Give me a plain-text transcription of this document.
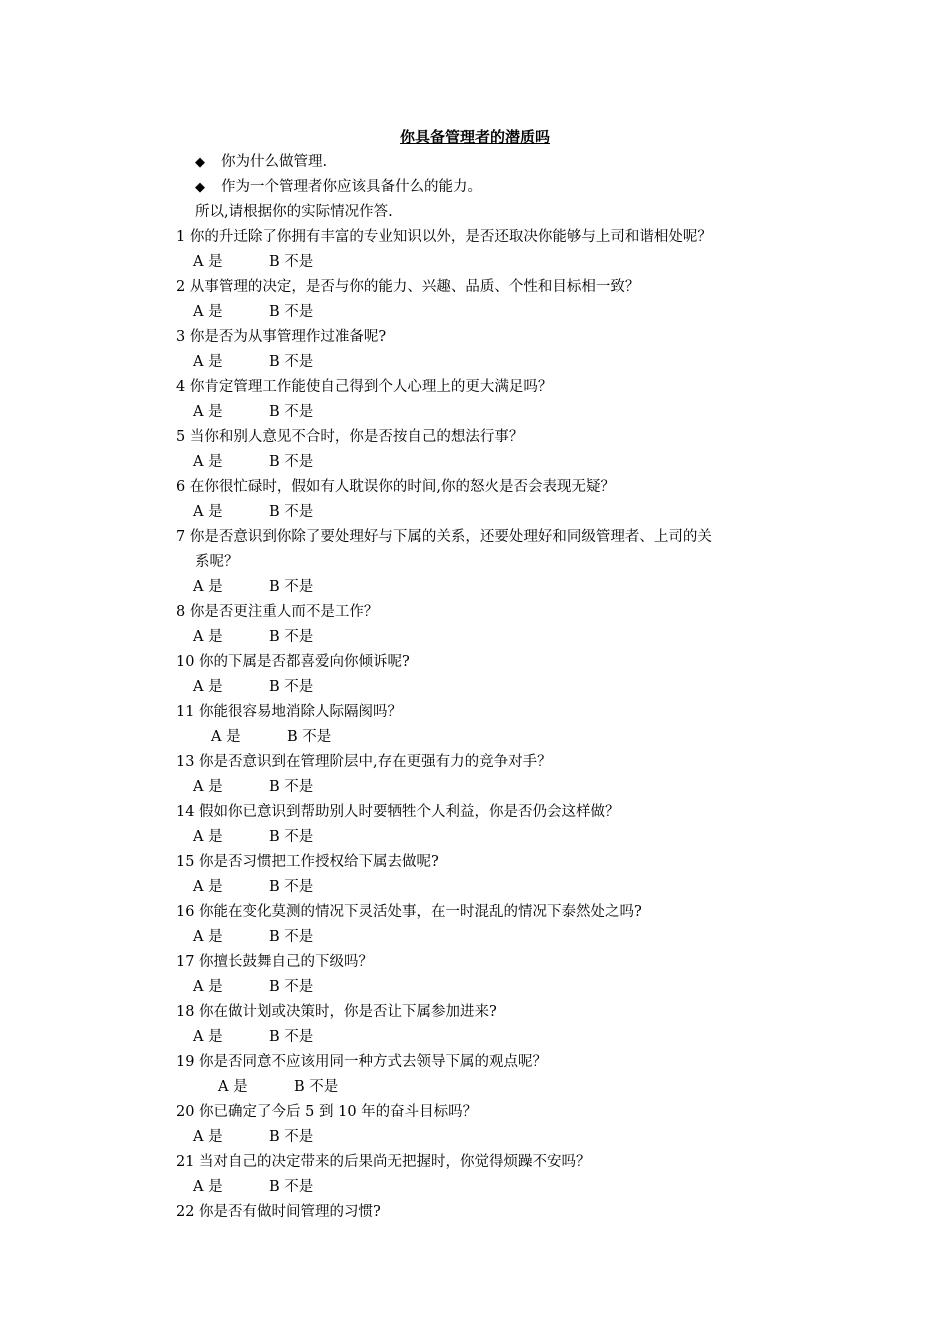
你具备管理者的潜质吗
◆ 你为什么做管理.
◆ 作为一个管理者你应该具备什么的能力。
所以,请根据你的实际情况作答.
1 你的升迁除了你拥有丰富的专业知识以外，是否还取决你能够与上司和谐相处呢？
A 是	B 不是
2 从事管理的决定，是否与你的能力、兴趣、品质、个性和目标相一致？
A 是	B 不是
3 你是否为从事管理作过准备呢?
A 是	B 不是
4 你肯定管理工作能使自己得到个人心理上的更大满足吗？
A 是	B 不是
5 当你和别人意见不合时，你是否按自己的想法行事？
A 是	B 不是
6 在你很忙碌时，假如有人耽误你的时间,你的怒火是否会表现无疑？
A 是	B 不是
7 你是否意识到你除了要处理好与下属的关系，还要处理好和同级管理者、上司的关
系呢？
A 是	B 不是
8 你是否更注重人而不是工作？
A 是	B 不是
10 你的下属是否都喜爱向你倾诉呢?
A 是	B 不是
11 你能很容易地消除人际隔阂吗？
A 是	B 不是
13 你是否意识到在管理阶层中,存在更强有力的竞争对手？
A 是	B 不是
14 假如你已意识到帮助别人时要牺牲个人利益，你是否仍会这样做？
A 是	B 不是
15 你是否习惯把工作授权给下属去做呢?
A 是	B 不是
16 你能在变化莫测的情况下灵活处事，在一时混乱的情况下泰然处之吗?
A 是	B 不是
17 你擅长鼓舞自己的下级吗？
A 是	B 不是
18 你在做计划或决策时，你是否让下属参加进来?
A 是	B 不是
19 你是否同意不应该用同一种方式去领导下属的观点呢？
A 是	B 不是
20 你已确定了今后 5 到 10 年的奋斗目标吗？
A 是	B 不是
21 当对自己的决定带来的后果尚无把握时，你觉得烦躁不安吗？
A 是	B 不是
22 你是否有做时间管理的习惯?
